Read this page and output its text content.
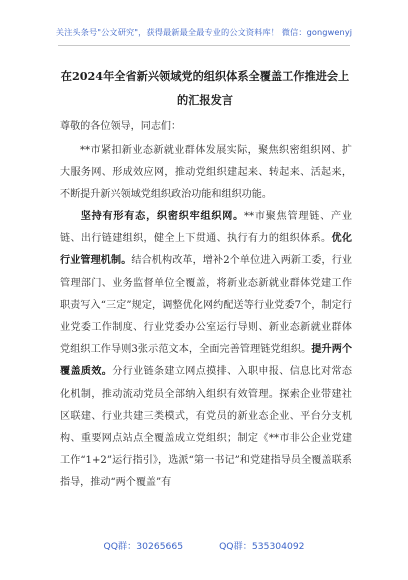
关注头条号"公文研究"，获得最新最全最专业的公文资料库！ 微信：gongwenyj
在2024年全省新兴领域党的组织体系全覆盖工作推进会上
的汇报发言
尊敬的各位领导，同志们：
**市紧扣新业态新就业群体发展实际，聚焦织密组织网、扩大服务网、形成效应网，推动党组织建起来、转起来、活起来，不断提升新兴领域党组织政治功能和组织功能。
坚持有形有态，织密织牢组织网。**市聚焦管理链、产业链、出行链建组织，健全上下贯通、执行有力的组织体系。优化行业管理机制。结合机构改革，增补2个单位进入两新工委，行业管理部门、业务监督单位全覆盖，将新业态新就业群体党建工作职责写入“三定”规定，调整优化网约配送等行业党委7个，制定行业党委工作制度、行业党委办公室运行导则、新业态新就业群体党组织工作导则3张示范文本，全面完善管理链党组织。提升两个覆盖质效。分行业链条建立网点摸排、入职申报、信息比对常态化机制，推动流动党员全部纳入组织有效管理。探索企业带建社区联建、行业共建三类模式，有党员的新业态企业、平台分支机构、重要网点站点全覆盖成立党组织；制定《**市非公企业党建工作“1+2”运行指引》，选派“第一书记”和党建指导员全覆盖联系指导，推动“两个覆盖”有
QQ群：30265665	QQ群：535304092
